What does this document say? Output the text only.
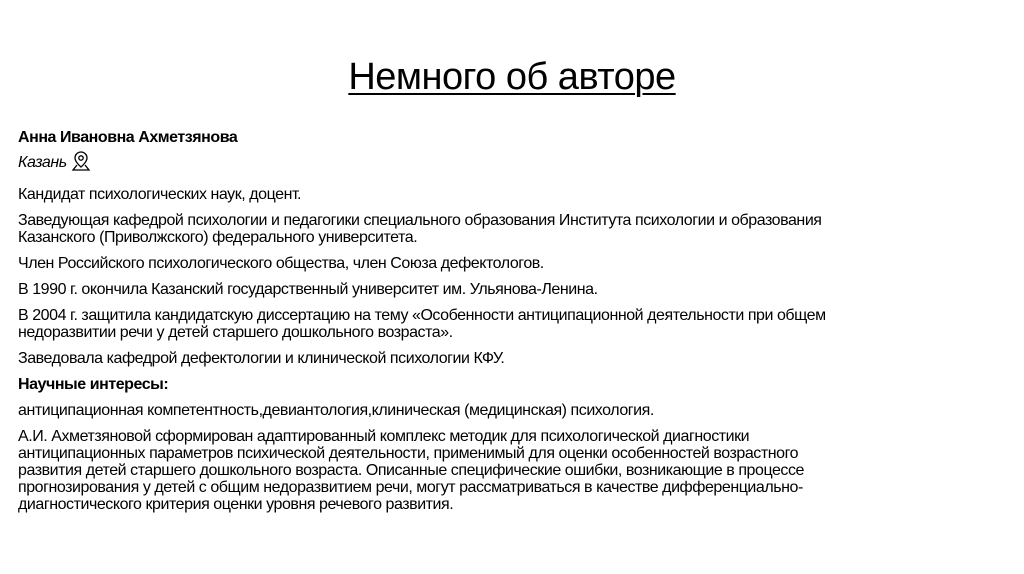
Немного об авторе
Анна Ивановна Ахметзянова
Казань
Кандидат психологических наук, доцент.
Заведующая кафедрой психологии и педагогики специального образования Института психологии и образования
Казанского (Приволжского) федерального университета.
Член Российского психологического общества, член Союза дефектологов.
В 1990 г. окончила Казанский государственный университет им. Ульянова-Ленина.
В 2004 г. защитила кандидатскую диссертацию на тему «Особенности антиципационной деятельности при общем
недоразвитии речи у детей старшего дошкольного возраста».
Заведовала кафедрой дефектологии и клинической психологии КФУ.
Научные интересы:
антиципационная компетентность,девиантология,клиническая (медицинская) психология.
А.И. Ахметзяновой сформирован адаптированный комплекс методик для психологической диагностики
антиципационных параметров психической деятельности, применимый для оценки особенностей возрастного
развития детей старшего дошкольного возраста. Описанные специфические ошибки, возникающие в процессе
прогнозирования у детей с общим недоразвитием речи, могут рассматриваться в качестве дифференциально-
диагностического критерия оценки уровня речевого развития.
